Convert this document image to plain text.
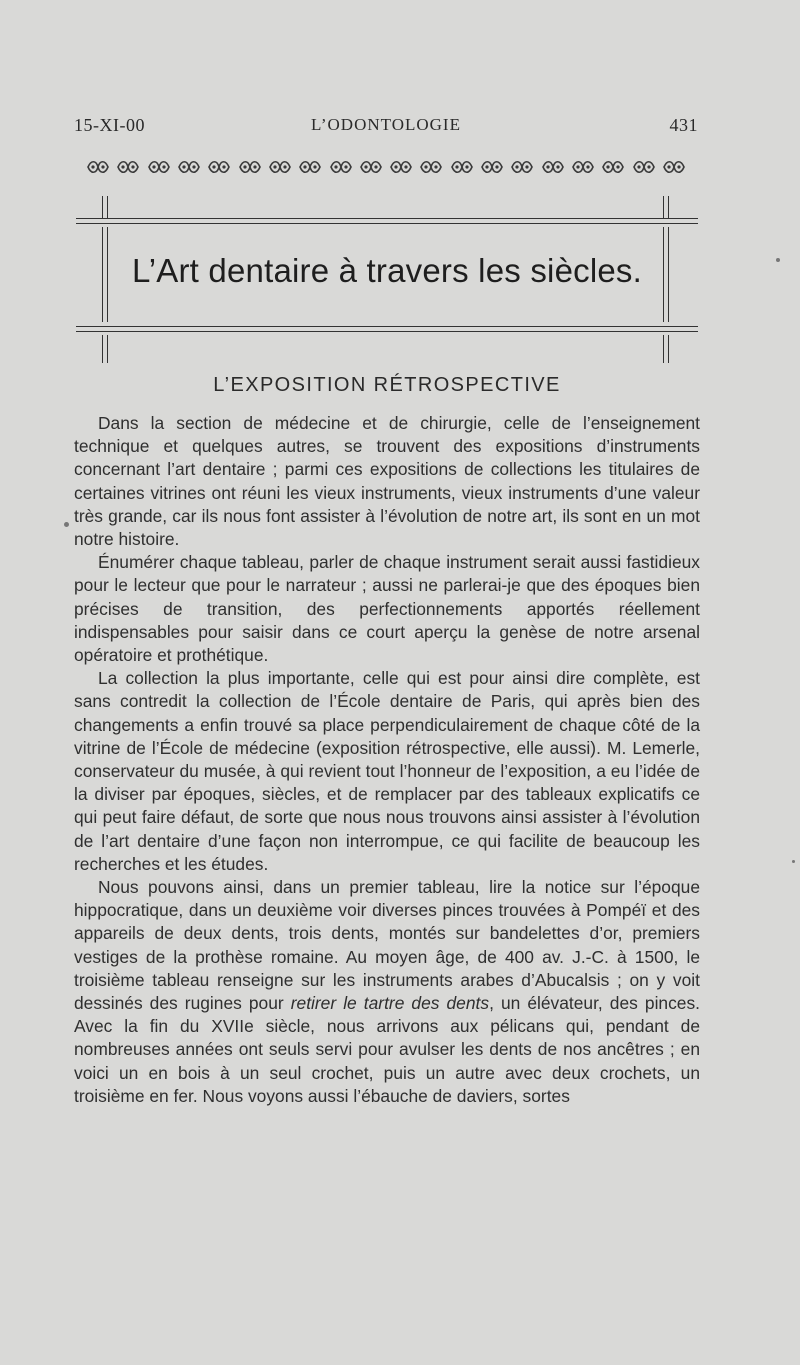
15-XI-00	L’ODONTOLOGIE	431
L’Art dentaire à travers les siècles.
L’EXPOSITION RÉTROSPECTIVE

Dans la section de médecine et de chirurgie, celle de l’enseignement technique et quelques autres, se trouvent des expositions d’instruments concernant l’art dentaire ; parmi ces expositions de collections les titulaires de certaines vitrines ont réuni les vieux instruments, vieux instruments d’une valeur très grande, car ils nous font assister à l’évolution de notre art, ils sont en un mot notre histoire.

Énumérer chaque tableau, parler de chaque instrument serait aussi fastidieux pour le lecteur que pour le narrateur ; aussi ne parlerai-je que des époques bien précises de transition, des perfectionnements apportés réellement indispensables pour saisir dans ce court aperçu la genèse de notre arsenal opératoire et prothétique.

La collection la plus importante, celle qui est pour ainsi dire complète, est sans contredit la collection de l’École dentaire de Paris, qui après bien des changements a enfin trouvé sa place perpendiculairement de chaque côté de la vitrine de l’École de médecine (exposition rétrospective, elle aussi). M. Lemerle, conservateur du musée, à qui revient tout l’honneur de l’exposition, a eu l’idée de la diviser par époques, siècles, et de remplacer par des tableaux explicatifs ce qui peut faire défaut, de sorte que nous nous trouvons ainsi assister à l’évolution de l’art dentaire d’une façon non interrompue, ce qui facilite de beaucoup les recherches et les études.

Nous pouvons ainsi, dans un premier tableau, lire la notice sur l’époque hippocratique, dans un deuxième voir diverses pinces trouvées à Pompéï et des appareils de deux dents, trois dents, montés sur bandelettes d’or, premiers vestiges de la prothèse romaine. Au moyen âge, de 400 av. J.-C. à 1500, le troisième tableau renseigne sur les instruments arabes d’Abucalsis ; on y voit dessinés des rugines pour retirer le tartre des dents, un élévateur, des pinces. Avec la fin du XVIIe siècle, nous arrivons aux pélicans qui, pendant de nombreuses années ont seuls servi pour avulser les dents de nos ancêtres ; en voici un en bois à un seul crochet, puis un autre avec deux crochets, un troisième en fer. Nous voyons aussi l’ébauche de daviers, sortes
